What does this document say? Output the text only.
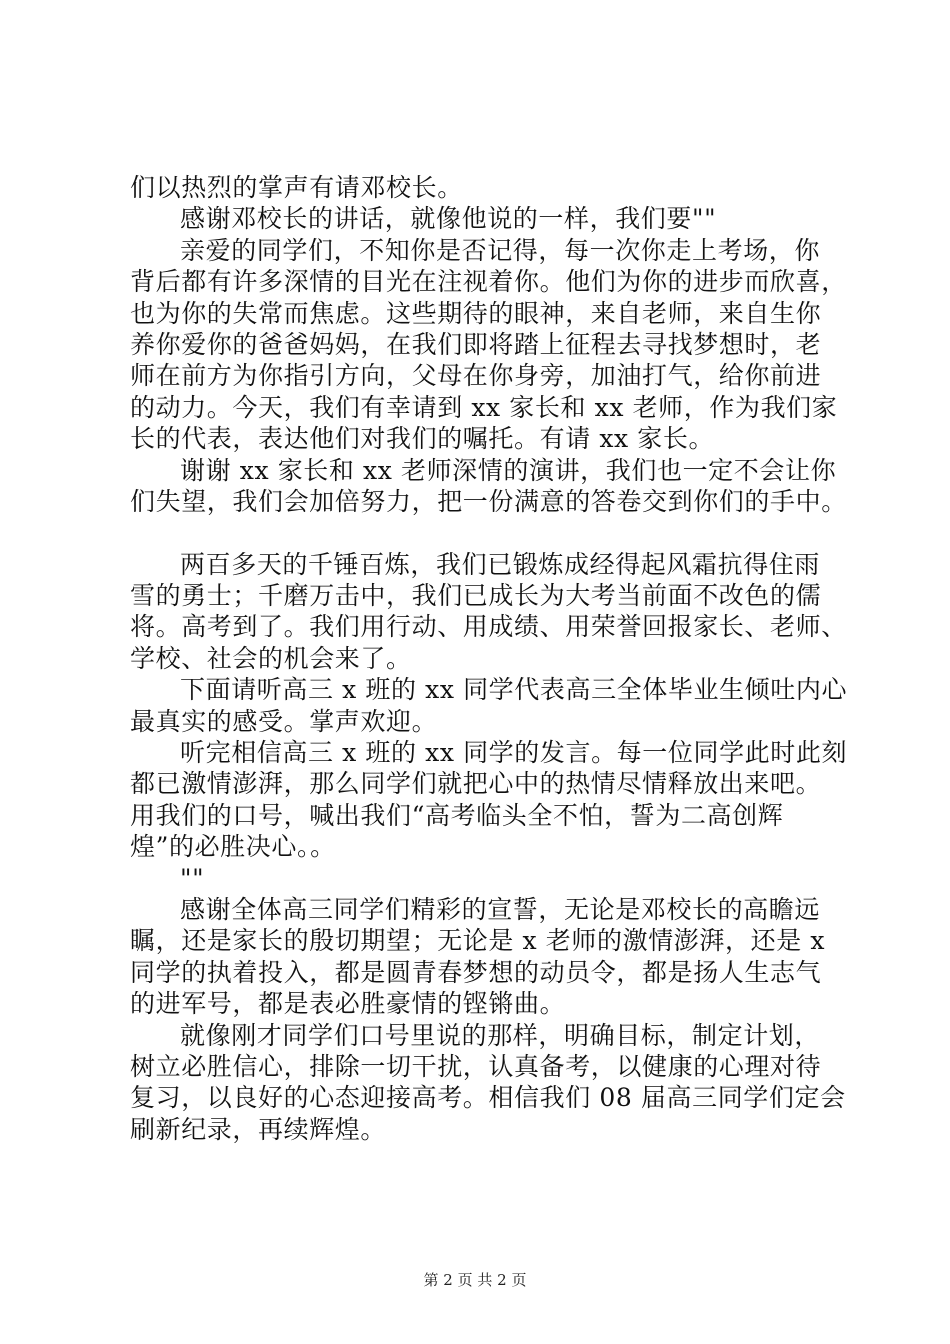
们以热烈的掌声有请邓校长。
感谢邓校长的讲话，就像他说的一样，我们要""
亲爱的同学们，不知你是否记得，每一次你走上考场，你
背后都有许多深情的目光在注视着你。他们为你的进步而欣喜，
也为你的失常而焦虑。这些期待的眼神，来自老师，来自生你
养你爱你的爸爸妈妈，在我们即将踏上征程去寻找梦想时，老
师在前方为你指引方向，父母在你身旁，加油打气，给你前进
的动力。今天，我们有幸请到 xx 家长和 xx 老师，作为我们家
长的代表，表达他们对我们的嘱托。有请 xx 家长。
谢谢 xx 家长和 xx 老师深情的演讲，我们也一定不会让你
们失望，我们会加倍努力，把一份满意的答卷交到你们的手中。
两百多天的千锤百炼，我们已锻炼成经得起风霜抗得住雨
雪的勇士；千磨万击中，我们已成长为大考当前面不改色的儒
将。高考到了。我们用行动、用成绩、用荣誉回报家长、老师、
学校、社会的机会来了。
下面请听高三 x 班的 xx 同学代表高三全体毕业生倾吐内心
最真实的感受。掌声欢迎。
听完相信高三 x 班的 xx 同学的发言。每一位同学此时此刻
都已激情澎湃，那么同学们就把心中的热情尽情释放出来吧。
用我们的口号，喊出我们“高考临头全不怕，誓为二高创辉
煌”的必胜决心。。
""
感谢全体高三同学们精彩的宣誓，无论是邓校长的高瞻远
瞩，还是家长的殷切期望；无论是 x 老师的激情澎湃，还是 x
同学的执着投入，都是圆青春梦想的动员令，都是扬人生志气
的进军号，都是表必胜豪情的铿锵曲。
就像刚才同学们口号里说的那样，明确目标，制定计划，
树立必胜信心，排除一切干扰，认真备考，以健康的心理对待
复习，以良好的心态迎接高考。相信我们 08 届高三同学们定会
刷新纪录，再续辉煌。
第 2 页 共 2 页
